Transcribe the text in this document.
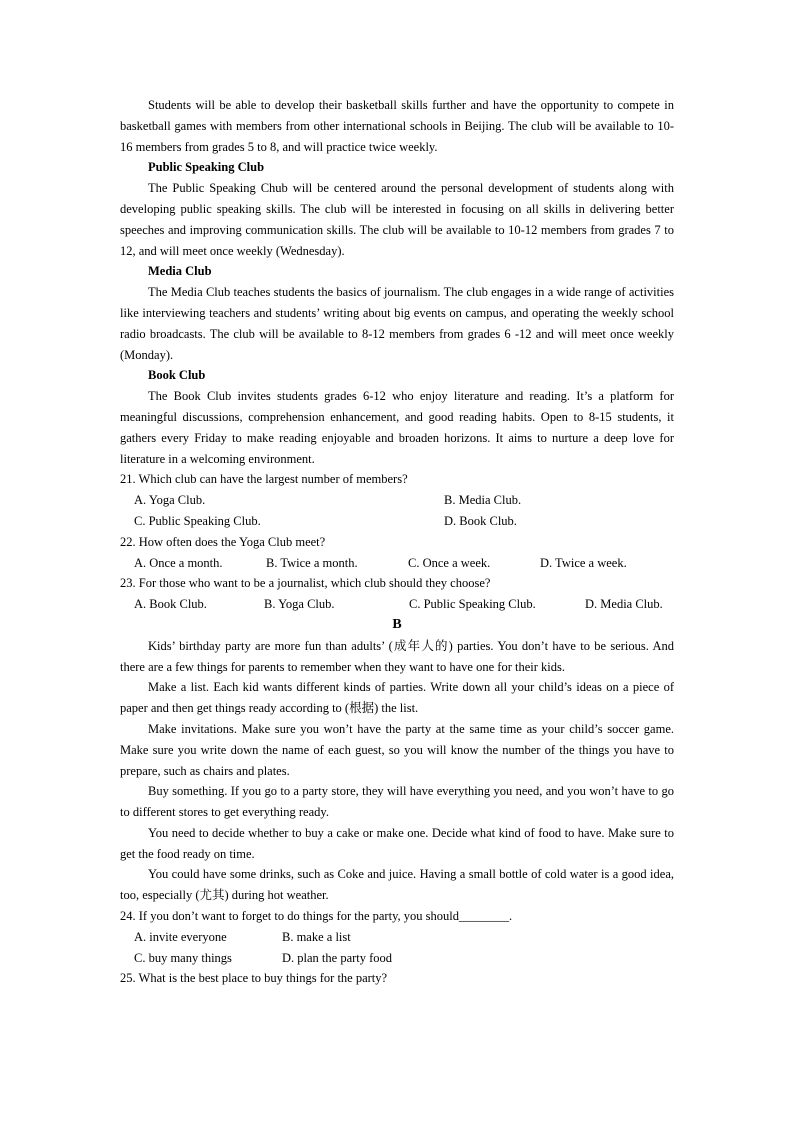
Students will be able to develop their basketball skills further and have the opportunity to compete in basketball games with members from other international schools in Beijing. The club will be available to 10-16 members from grades 5 to 8, and will practice twice weekly.

Public Speaking Club

The Public Speaking Chub will be centered around the personal development of students along with developing public speaking skills. The club will be interested in focusing on all skills in delivering better speeches and improving communication skills. The club will be available to 10-12 members from grades 7 to 12, and will meet once weekly (Wednesday).

Media Club

The Media Club teaches students the basics of journalism. The club engages in a wide range of activities like interviewing teachers and students’ writing about big events on campus, and operating the weekly school radio broadcasts. The club will be available to 8-12 members from grades 6 -12 and will meet once weekly (Monday).

Book Club

The Book Club invites students grades 6-12 who enjoy literature and reading. It’s a platform for meaningful discussions, comprehension enhancement, and good reading habits. Open to 8-15 students, it gathers every Friday to make reading enjoyable and broaden horizons. It aims to nurture a deep love for literature in a welcoming environment.

21. Which club can have the largest number of members?

A. Yoga Club.	B. Media Club.
C. Public Speaking Club.	D. Book Club.

22. How often does the Yoga Club meet?

A. Once a month.	B. Twice a month.	C. Once a week.	D. Twice a week.

23. For those who want to be a journalist, which club should they choose?

A. Book Club.	B. Yoga Club.	C. Public Speaking Club.	D. Media Club.

B

Kids’ birthday party are more fun than adults’ (成年人的) parties. You don’t have to be serious. And there are a few things for parents to remember when they want to have one for their kids.

Make a list. Each kid wants different kinds of parties. Write down all your child’s ideas on a piece of paper and then get things ready according to (根据) the list.

Make invitations. Make sure you won’t have the party at the same time as your child’s soccer game. Make sure you write down the name of each guest, so you will know the number of the things you have to prepare, such as chairs and plates.

Buy something. If you go to a party store, they will have everything you need, and you won’t have to go to different stores to get everything ready.

You need to decide whether to buy a cake or make one. Decide what kind of food to have. Make sure to get the food ready on time.

You could have some drinks, such as Coke and juice. Having a small bottle of cold water is a good idea, too, especially (尤其) during hot weather.

24. If you don’t want to forget to do things for the party, you should________.

A. invite everyone	B. make a list
C. buy many things	D. plan the party food

25. What is the best place to buy things for the party?
